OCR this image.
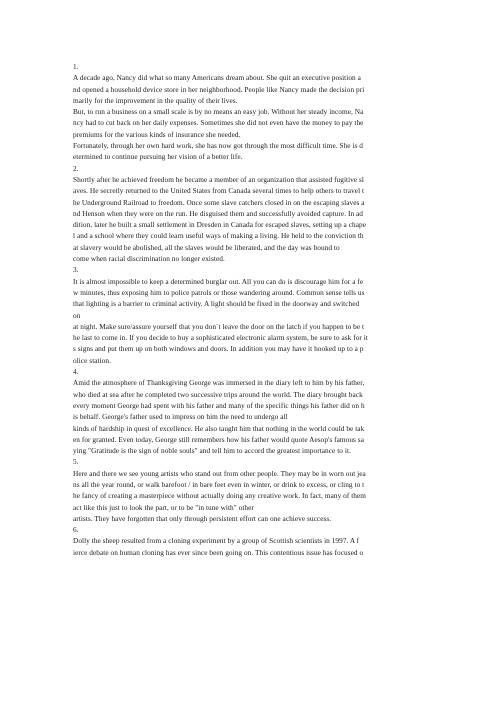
1.
A decade ago, Nancy did what so many Americans dream about. She quit an executive position a
nd opened a household device store in her neighborhood. People like Nancy made the decision pri
marily for the improvement in the quality of their lives.
But, to run a business on a small scale is by no means an easy job. Without her steady income, Na
ncy had to cut back on her daily expenses. Sometimes she did not even have the money to pay the
premiums for the various kinds of insurance she needed.
Fortunately, through her own hard work, she has now got through the most difficult time. She is d
etermined to continue pursuing her vision of a better life.
2.
Shortly after he achieved freedom he became a member of an organization that assisted fugitive sl
aves. He secretly returned to the United States from Canada several times to help others to travel t
he Underground Railroad to freedom. Once some slave catchers closed in on the escaping slaves a
nd Henson when they were on the run. He disguised them and successfully avoided capture. In ad
dition, later he built a small settlement in Dresden in Canada for escaped slaves, setting up a chape
l and a school where they could learn useful ways of making a living. He held to the conviction th
at slavery would be abolished, all the slaves would be liberated, and the day was bound to
come when racial discrimination no longer existed.
3.
It is almost impossible to keep a determined burglar out. All you can do is discourage him for a fe
w minutes, thus exposing him to police patrols or those wandering around. Common sense tells us
that lighting is a barrier to criminal activity. A light should be fixed in the doorway and switched
on
at night. Make sure/assure yourself that you don`t leave the door on the latch if you happen to be t
he last to come in. If you decide to buy a sophisticated electronic alarm system, be sure to ask for it
s signs and put them up on both windows and doors. In addition you may have it hooked up to a p
olice station.
4.
Amid the atmosphere of Thanksgiving George was immersed in the diary left to him by his father,
who died at sea after he completed two successive trips around the world. The diary brought back
every moment George had spent with his father and many of the specific things his father did on h
is behalf. George's father used to impress on him the need to undergo all
kinds of hardship in quest of excellence. He also taught him that nothing in the world could be tak
en for granted. Even today, George still remembers how his father would quote Aesop's famous sa
ying "Gratitude is the sign of noble souls" and tell him to accord the greatest importance to it.
5.
Here and there we see young artists who stand out from other people. They may be in worn out jea
ns all the year round, or walk barefoot / in bare feet even in winter, or drink to excess, or cling to t
he fancy of creating a masterpiece without actually doing any creative work. In fact, many of them
act like this just to look the part, or to be "in tune with" other
artists. They have forgotten that only through persistent effort can one achieve success.
6.
Dolly the sheep resulted from a cloning experiment by a group of Scottish scientists in 1997. A f
ierce debate on human cloning has ever since been going on. This contentious issue has focused o
